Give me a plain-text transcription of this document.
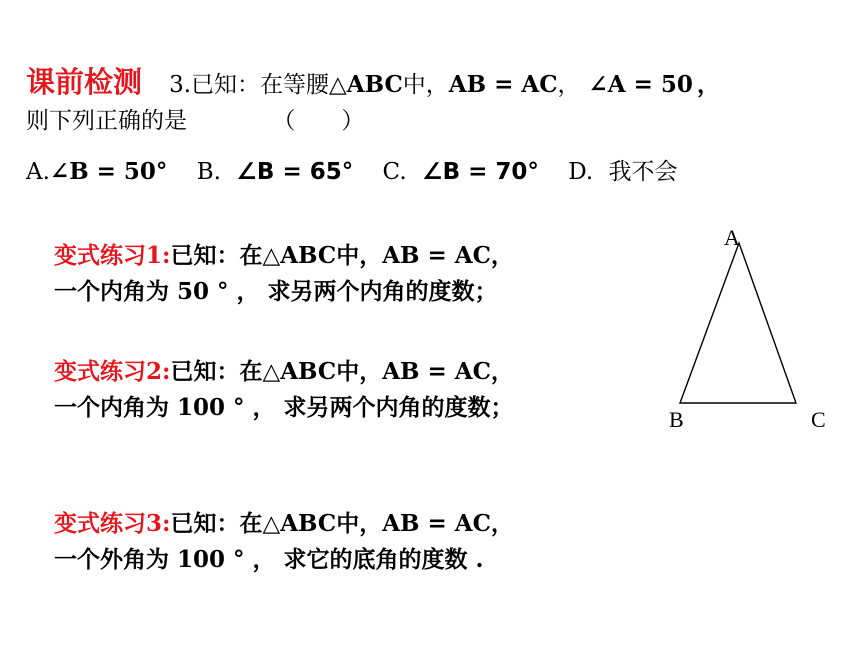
课前检测 3.已知：在等腰△ABC中，AB = AC， ∠A = 50 ，
则下列正确的是	（　　）
A.∠B = 50° B. ∠B = 65° C. ∠B = 70° D. 我不会
变式练习1:已知：在△ABC中，AB = AC，
一个内角为 50 ° ， 求另两个内角的度数；
变式练习2:已知：在△ABC中，AB = AC，
一个内角为 100 ° ， 求另两个内角的度数；
变式练习3:已知：在△ABC中，AB = AC，
一个外角为 100 ° ， 求它的底角的度数 .
A
B	C
